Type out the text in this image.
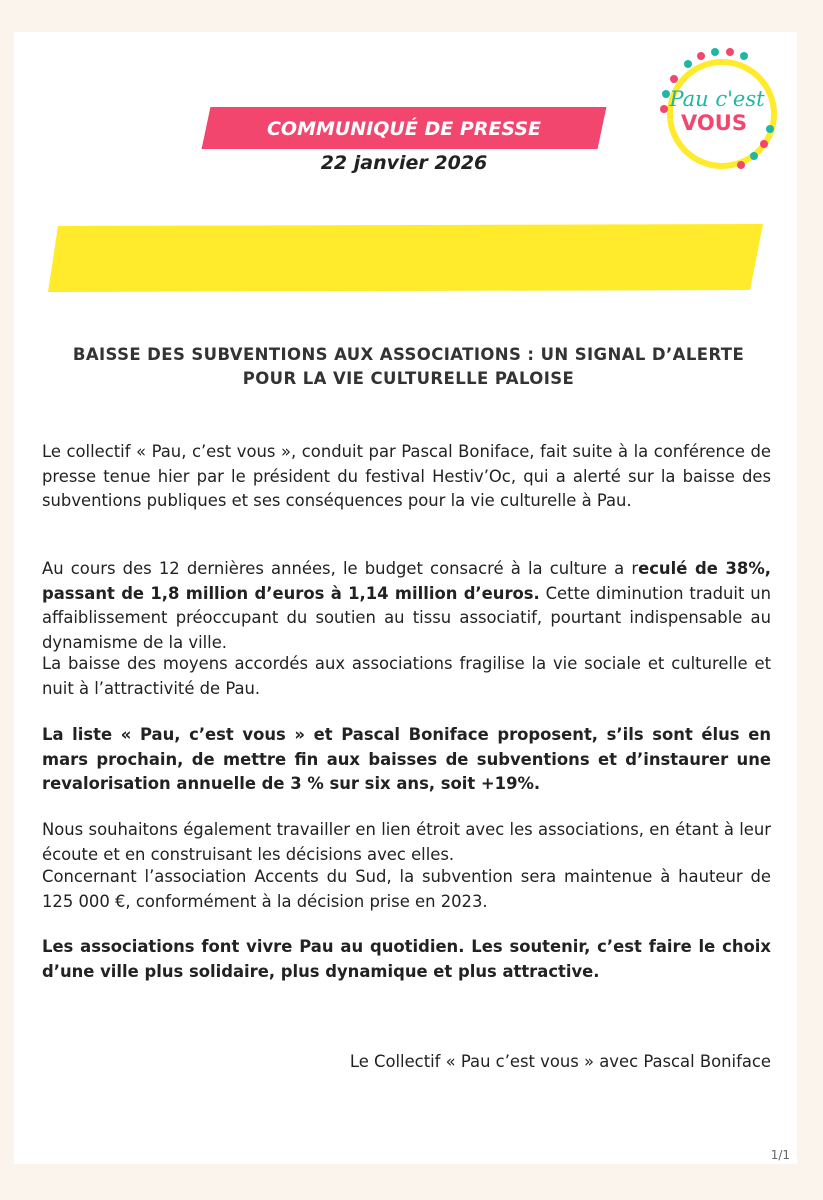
COMMUNIQUÉ DE PRESSE
22 janvier 2026
Pau c'est
VOUS
BAISSE DES SUBVENTIONS AUX ASSOCIATIONS : UN SIGNAL D’ALERTE
POUR LA VIE CULTURELLE PALOISE

Le collectif « Pau, c’est vous », conduit par Pascal Boniface, fait suite à la conférence de presse tenue hier par le président du festival Hestiv’Oc, qui a alerté sur la baisse des subventions publiques et ses conséquences pour la vie culturelle à Pau.

Au cours des 12 dernières années, le budget consacré à la culture a reculé de 38%, passant de 1,8 million d’euros à 1,14 million d’euros. Cette diminution traduit un affaiblissement préoccupant du soutien au tissu associatif, pourtant indispensable au dynamisme de la ville.

La baisse des moyens accordés aux associations fragilise la vie sociale et culturelle et nuit à l’attractivité de Pau.

La liste « Pau, c’est vous » et Pascal Boniface proposent, s’ils sont élus en mars prochain, de mettre fin aux baisses de subventions et d’instaurer une revalorisation annuelle de 3 % sur six ans, soit +19%.

Nous souhaitons également travailler en lien étroit avec les associations, en étant à leur écoute et en construisant les décisions avec elles.

Concernant l’association Accents du Sud, la subvention sera maintenue à hauteur de 125 000 €, conformément à la décision prise en 2023.

Les associations font vivre Pau au quotidien. Les soutenir, c’est faire le choix d’une ville plus solidaire, plus dynamique et plus attractive.

Le Collectif « Pau c’est vous » avec Pascal Boniface
1/1
